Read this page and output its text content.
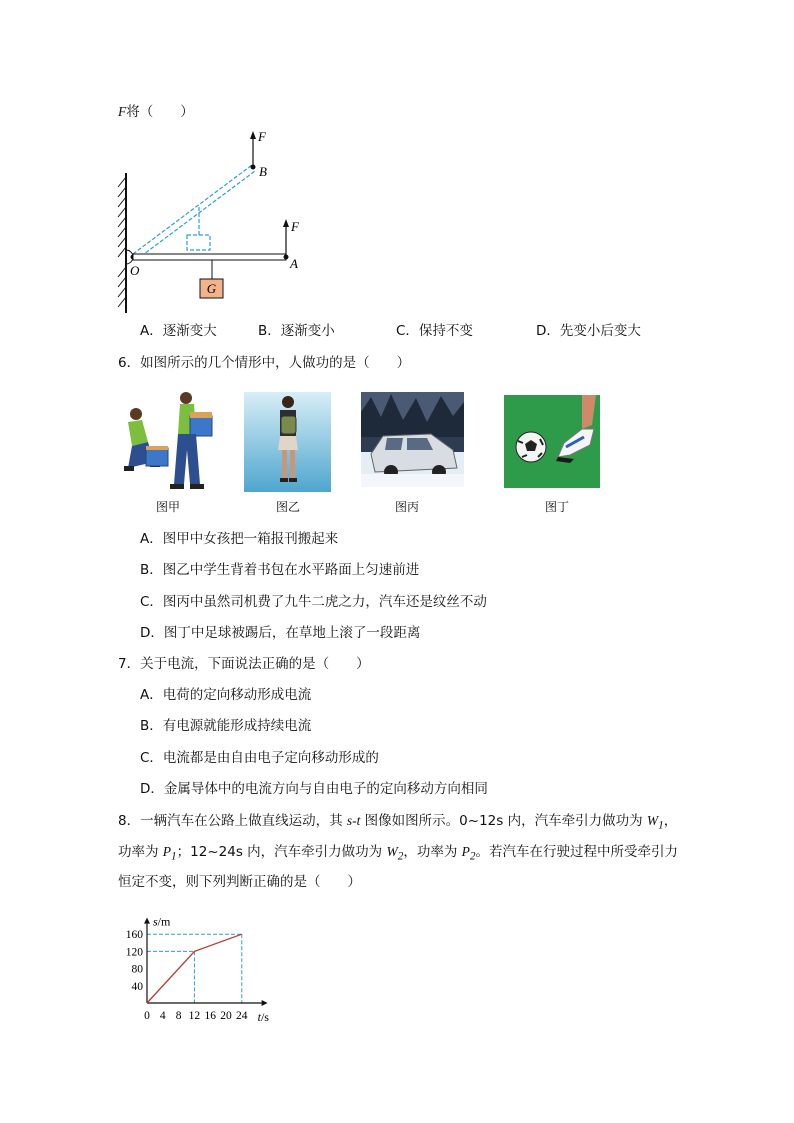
F将（　　）
F
B
F
A
O
G
A．逐渐变大	B．逐渐变小	C．保持不变	D．先变小后变大
6．如图所示的几个情形中，人做功的是（　　）
图甲	图乙	图丙	图丁
A．图甲中女孩把一箱报刊搬起来
B．图乙中学生背着书包在水平路面上匀速前进
C．图丙中虽然司机费了九牛二虎之力，汽车还是纹丝不动
D．图丁中足球被踢后，在草地上滚了一段距离
7．关于电流，下面说法正确的是（　　）
A．电荷的定向移动形成电流
B．有电源就能形成持续电流
C．电流都是由自由电子定向移动形成的
D．金属导体中的电流方向与自由电子的定向移动方向相同
8．一辆汽车在公路上做直线运动，其 s-t 图像如图所示。0~12s 内，汽车牵引力做功为 $W_1$，
功率为 $P_1$；12~24s 内，汽车牵引力做功为 $W_2$，功率为 $P_2$。若汽车在行驶过程中所受牵引力
恒定不变，则下列判断正确的是（　　）
0 4 8 12 16 20 24
40
80
120
160
s/m
t/s
